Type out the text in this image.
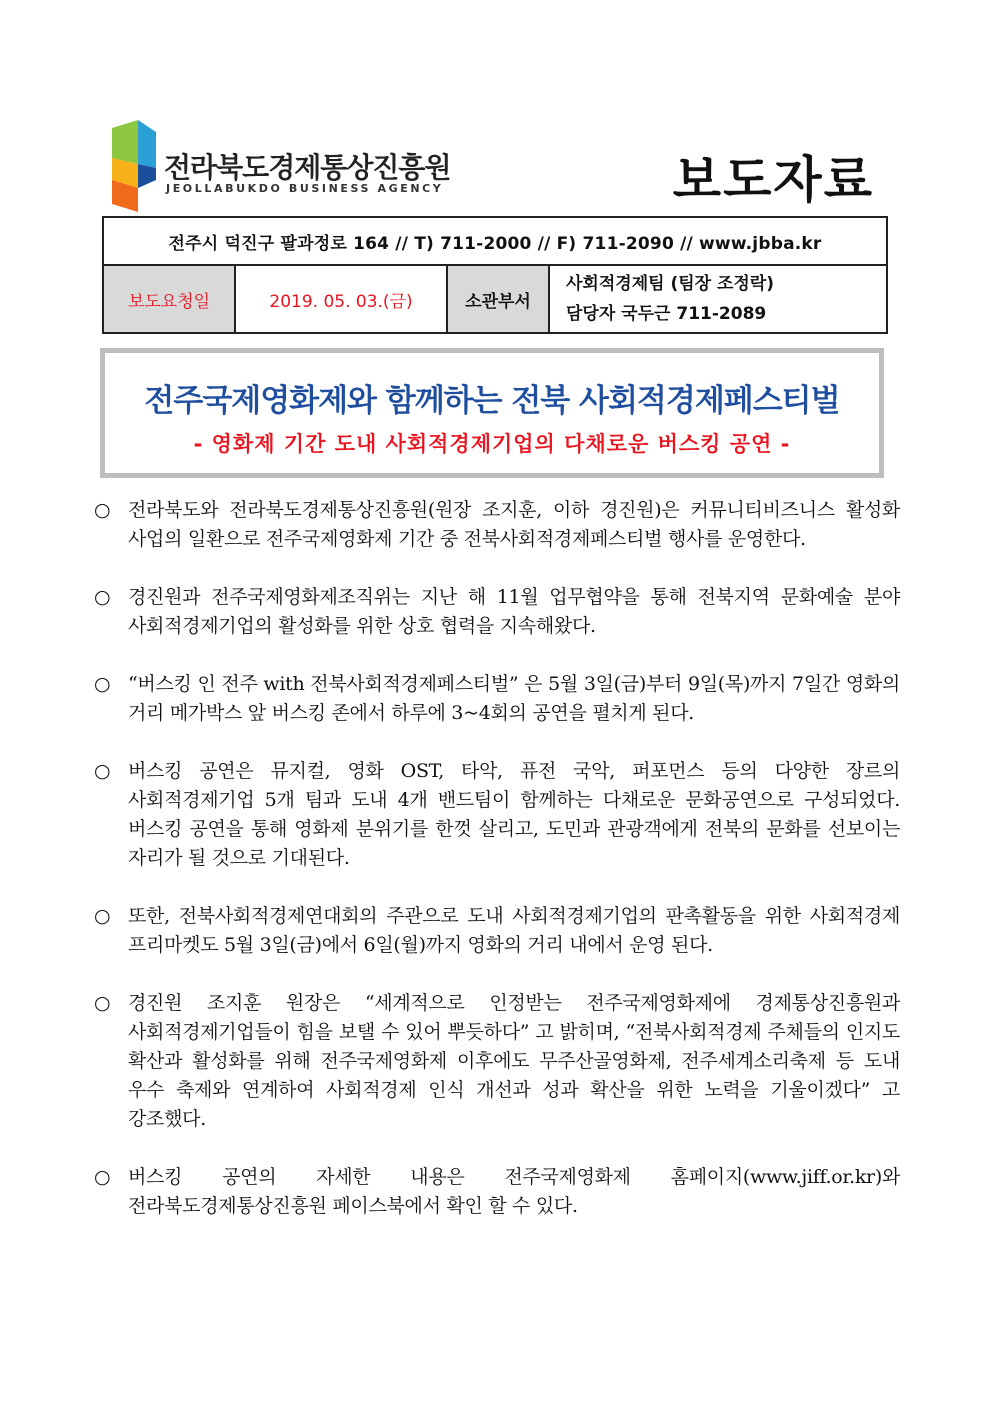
전라북도경제통상진흥원
JEOLLABUKDO BUSINESS AGENCY	보도자료
전주시 덕진구 팔과정로 164 // T) 711-2000 // F) 711-2090 // www.jbba.kr
보도요청일	2019. 05. 03.(금)	소관부서	
사회적경제팀 (팀장 조정락)
담당자 국두근 711-2089
전주국제영화제와 함께하는 전북 사회적경제페스티벌
- 영화제 기간 도내 사회적경제기업의 다채로운 버스킹 공연 -
○ 전라북도와 전라북도경제통상진흥원(원장 조지훈, 이하 경진원)은 커뮤니티비즈니스 활성화 사업의 일환으로 전주국제영화제 기간 중 전북사회적경제페스티벌 행사를 운영한다.
○ 경진원과 전주국제영화제조직위는 지난 해 11월 업무협약을 통해 전북지역 문화예술 분야 사회적경제기업의 활성화를 위한 상호 협력을 지속해왔다.
○ “버스킹 인 전주 with 전북사회적경제페스티벌” 은 5월 3일(금)부터 9일(목)까지 7일간 영화의 거리 메가박스 앞 버스킹 존에서 하루에 3~4회의 공연을 펼치게 된다.
○ 버스킹 공연은 뮤지컬, 영화 OST, 타악, 퓨전 국악, 퍼포먼스 등의 다양한 장르의 사회적경제기업 5개 팀과 도내 4개 밴드팀이 함께하는 다채로운 문화공연으로 구성되었다. 버스킹 공연을 통해 영화제 분위기를 한껏 살리고, 도민과 관광객에게 전북의 문화를 선보이는 자리가 될 것으로 기대된다.
○ 또한, 전북사회적경제연대회의 주관으로 도내 사회적경제기업의 판촉활동을 위한 사회적경제 프리마켓도 5월 3일(금)에서 6일(월)까지 영화의 거리 내에서 운영 된다.
○ 경진원 조지훈 원장은 “세계적으로 인정받는 전주국제영화제에 경제통상진흥원과 사회적경제기업들이 힘을 보탤 수 있어 뿌듯하다” 고 밝히며, “전북사회적경제 주체들의 인지도 확산과 활성화를 위해 전주국제영화제 이후에도 무주산골영화제, 전주세계소리축제 등 도내 우수 축제와 연계하여 사회적경제 인식 개선과 성과 확산을 위한 노력을 기울이겠다” 고 강조했다.
○ 버스킹 공연의 자세한 내용은 전주국제영화제 홈페이지(www.jiff.or.kr)와 전라북도경제통상진흥원 페이스북에서 확인 할 수 있다.
